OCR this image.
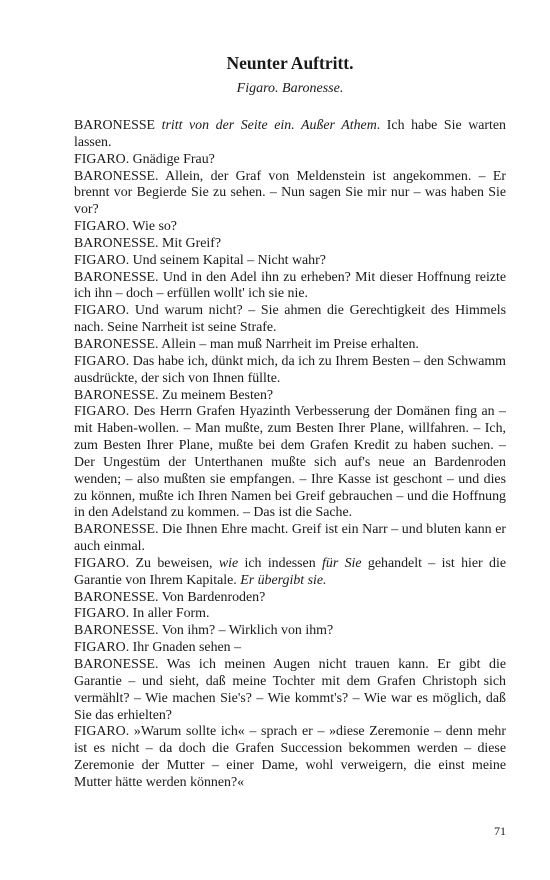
Neunter Auftritt.

Figaro. Baronesse.

BARONESSE tritt von der Seite ein. Außer Athem. Ich habe Sie warten lassen.

FIGARO. Gnädige Frau?

BARONESSE. Allein, der Graf von Meldenstein ist angekommen. – Er brennt vor Begierde Sie zu sehen. – Nun sagen Sie mir nur – was haben Sie vor?

FIGARO. Wie so?

BARONESSE. Mit Greif?

FIGARO. Und seinem Kapital – Nicht wahr?

BARONESSE. Und in den Adel ihn zu erheben? Mit dieser Hoffnung reizte ich ihn – doch – erfüllen wollt' ich sie nie.

FIGARO. Und warum nicht? – Sie ahmen die Gerechtigkeit des Himmels nach. Seine Narrheit ist seine Strafe.

BARONESSE. Allein – man muß Narrheit im Preise erhalten.

FIGARO. Das habe ich, dünkt mich, da ich zu Ihrem Besten – den Schwamm ausdrückte, der sich von Ihnen füllte.

BARONESSE. Zu meinem Besten?

FIGARO. Des Herrn Grafen Hyazinth Verbesserung der Domänen fing an – mit Haben-wollen. – Man mußte, zum Besten Ihrer Plane, willfahren. – Ich, zum Besten Ihrer Plane, mußte bei dem Grafen Kredit zu haben suchen. – Der Ungestüm der Unterthanen mußte sich auf's neue an Bardenroden wenden; – also mußten sie empfangen. – Ihre Kasse ist geschont – und dies zu können, mußte ich Ihren Namen bei Greif gebrauchen – und die Hoffnung in den Adelstand zu kommen. – Das ist die Sache.

BARONESSE. Die Ihnen Ehre macht. Greif ist ein Narr – und bluten kann er auch einmal.

FIGARO. Zu beweisen, wie ich indessen für Sie gehandelt – ist hier die Garantie von Ihrem Kapitale. Er übergibt sie.

BARONESSE. Von Bardenroden?

FIGARO. In aller Form.

BARONESSE. Von ihm? – Wirklich von ihm?

FIGARO. Ihr Gnaden sehen –

BARONESSE. Was ich meinen Augen nicht trauen kann. Er gibt die Garantie – und sieht, daß meine Tochter mit dem Grafen Christoph sich vermählt? – Wie machen Sie's? – Wie kommt's? – Wie war es möglich, daß Sie das erhielten?

FIGARO. »Warum sollte ich« – sprach er – »diese Zeremonie – denn mehr ist es nicht – da doch die Grafen Succession bekommen werden – diese Zeremonie der Mutter – einer Dame, wohl verweigern, die einst meine Mutter hätte werden können?«

71
